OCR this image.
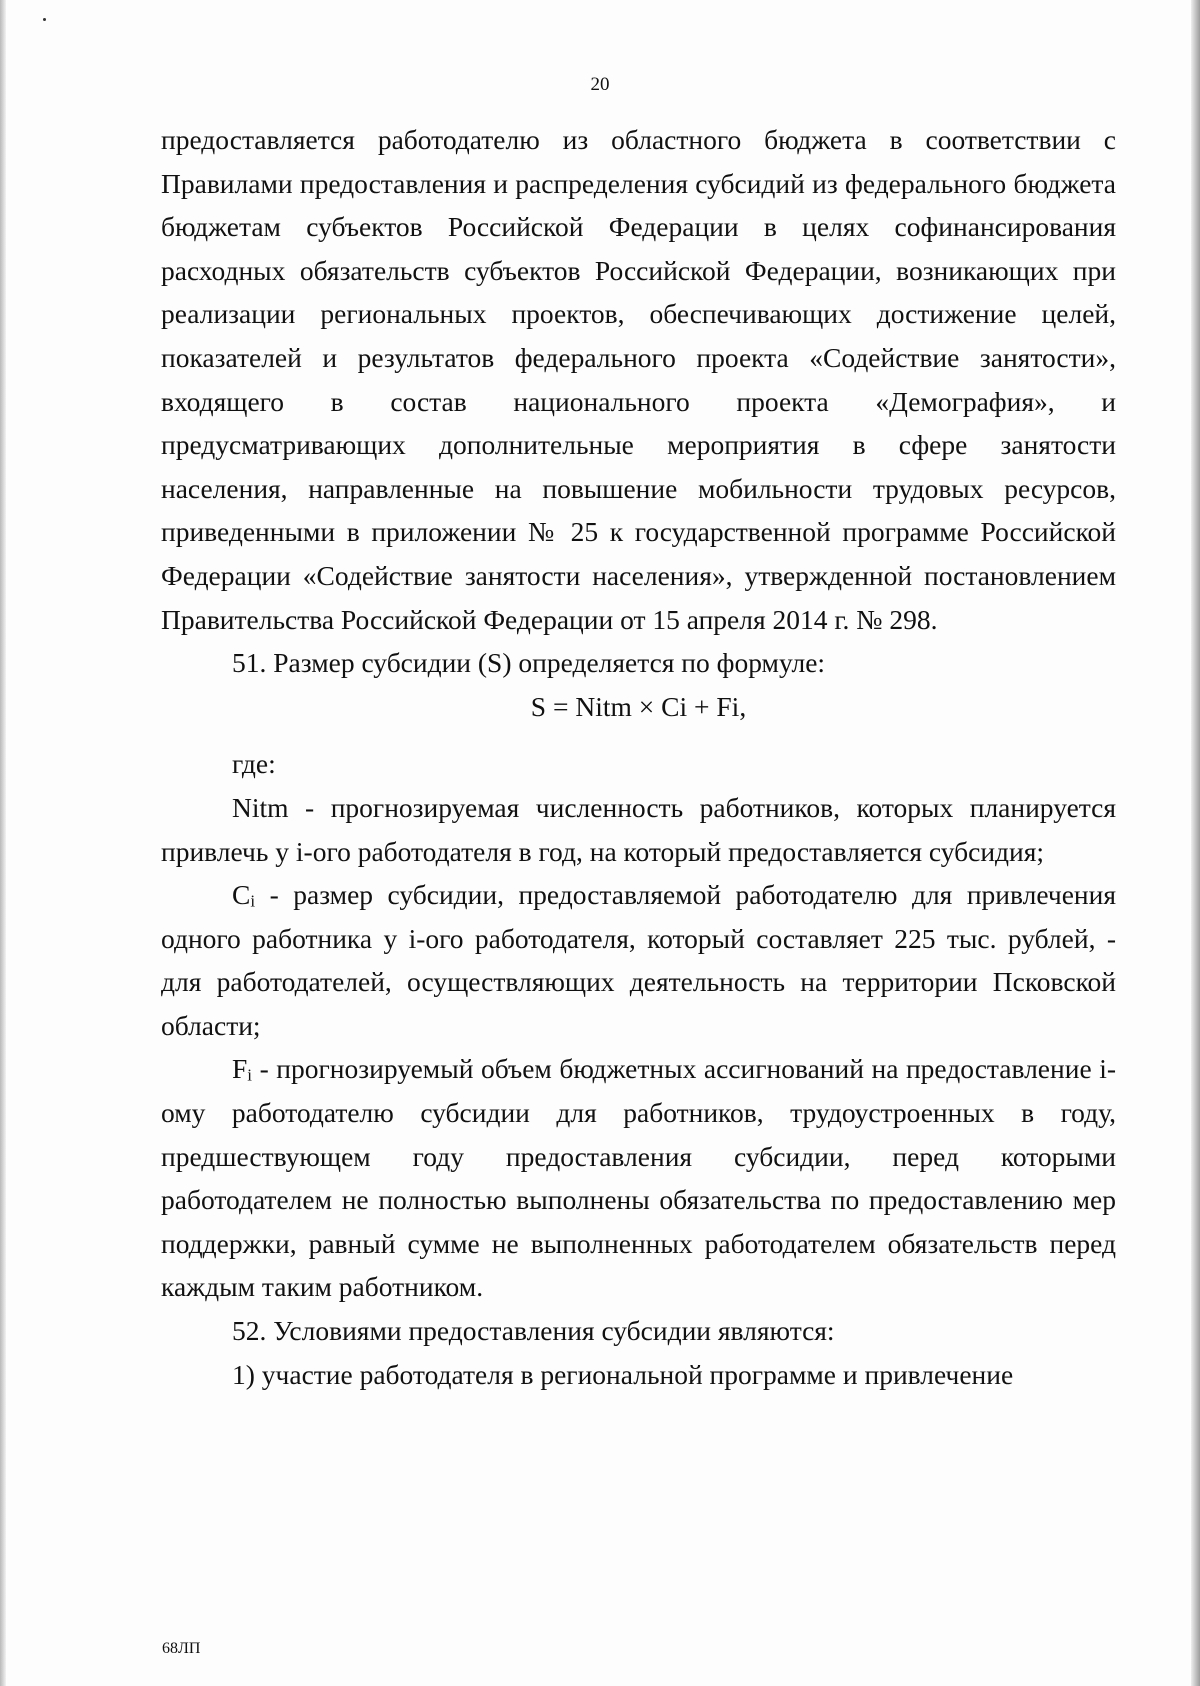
20

предоставляется работодателю из областного бюджета в соответствии с Правилами предоставления и распределения субсидий из федерального бюджета бюджетам субъектов Российской Федерации в целях софинансирования расходных обязательств субъектов Российской Федерации, возникающих при реализации региональных проектов, обеспечивающих достижение целей, показателей и результатов федерального проекта «Содействие занятости», входящего в состав национального проекта «Демография», и предусматривающих дополнительные мероприятия в сфере занятости населения, направленные на повышение мобильности трудовых ресурсов, приведенными в приложении № 25 к государственной программе Российской Федерации «Содействие занятости населения», утвержденной постановлением Правительства Российской Федерации от 15 апреля 2014 г. № 298.

51. Размер субсидии (S) определяется по формуле:

S = Nitm × Ci + Fi,

где:

Nitm - прогнозируемая численность работников, которых планируется привлечь у i-ого работодателя в год, на который предоставляется субсидия;

$C_i$ - размер субсидии, предоставляемой работодателю для привлечения одного работника у i-ого работодателя, который составляет 225 тыс. рублей, - для работодателей, осуществляющих деятельность на территории Псковской области;

$F_i$ - прогнозируемый объем бюджетных ассигнований на предоставление i-ому работодателю субсидии для работников, трудоустроенных в году, предшествующем году предоставления субсидии, перед которыми работодателем не полностью выполнены обязательства по предоставлению мер поддержки, равный сумме не выполненных работодателем обязательств перед каждым таким работником.

52. Условиями предоставления субсидии являются:

1) участие работодателя в региональной программе и привлечение

68ЛП
